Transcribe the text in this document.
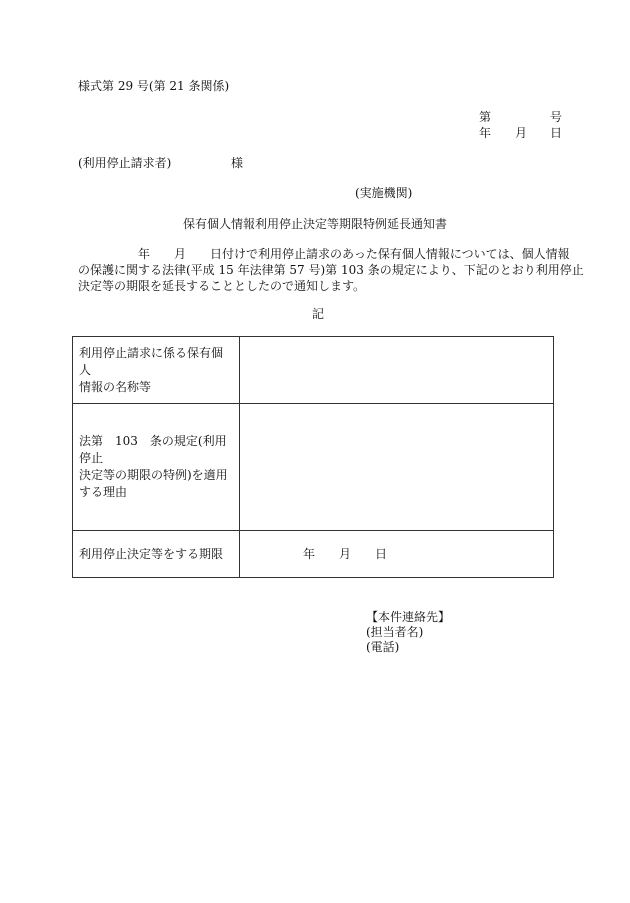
様式第 29 号(第 21 条関係)
第	号
年	月	日
(利用停止請求者)	様
(実施機関)
保有個人情報利用停止決定等期限特例延長通知書
　　　　　年　　月　　日付けで利用停止請求のあった保有個人情報については、個人情報
の保護に関する法律(平成 15 年法律第 57 号)第 103 条の規定により、下記のとおり利用停止
決定等の期限を延長することとしたので通知します。
記
利用停止請求に係る保有個人
情報の名称等	

法第　103　条の規定(利用停止
決定等の期限の特例)を適用
する理由	

利用停止決定等をする期限	年 月 日
【本件連絡先】
(担当者名)
(電話)
